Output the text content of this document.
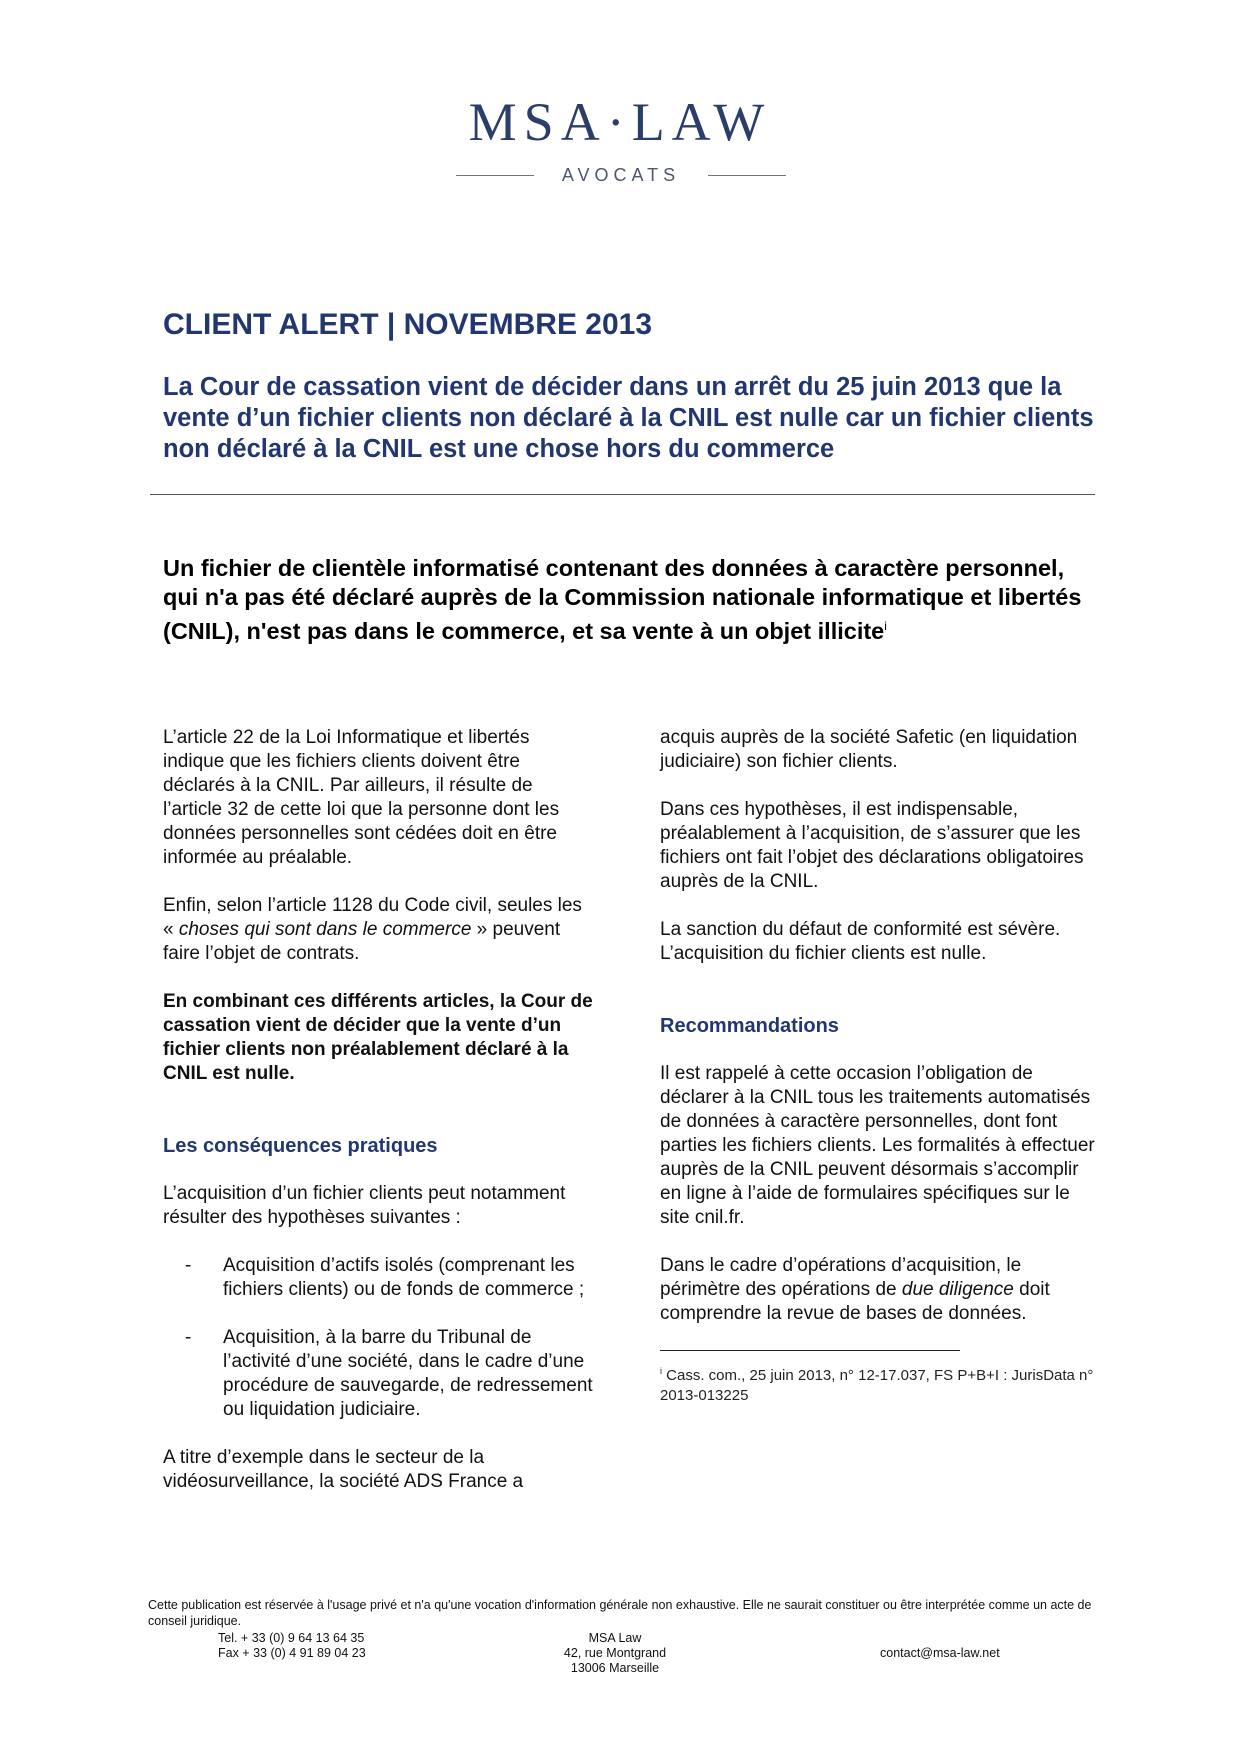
MSA·LAW
AVOCATS
CLIENT ALERT | NOVEMBRE 2013
La Cour de cassation vient de décider dans un arrêt du 25 juin 2013 que la vente d’un fichier clients non déclaré à la CNIL est nulle car un fichier clients non déclaré à la CNIL est une chose hors du commerce

Un fichier de clientèle informatisé contenant des données à caractère personnel, qui n'a pas été déclaré auprès de la Commission nationale informatique et libertés (CNIL), n'est pas dans le commerce, et sa vente à un objet illicite$^i$

L’article 22 de la Loi Informatique et libertés indique que les fichiers clients doivent être déclarés à la CNIL. Par ailleurs, il résulte de l’article 32 de cette loi que la personne dont les données personnelles sont cédées doit en être informée au préalable.

Enfin, selon l’article 1128 du Code civil, seules les « choses qui sont dans le commerce » peuvent faire l’objet de contrats.

En combinant ces différents articles, la Cour de cassation vient de décider que la vente d’un fichier clients non préalablement déclaré à la CNIL est nulle.

Les conséquences pratiques

L’acquisition d’un fichier clients peut notamment résulter des hypothèses suivantes :

- Acquisition d’actifs isolés (comprenant les fichiers clients) ou de fonds de commerce ;
- Acquisition, à la barre du Tribunal de l’activité d’une société, dans le cadre d’une procédure de sauvegarde, de redressement ou liquidation judiciaire.

A titre d’exemple dans le secteur de la vidéosurveillance, la société ADS France a

acquis auprès de la société Safetic (en liquidation judiciaire) son fichier clients.

Dans ces hypothèses, il est indispensable, préalablement à l’acquisition, de s’assurer que les fichiers ont fait l’objet des déclarations obligatoires auprès de la CNIL.

La sanction du défaut de conformité est sévère. L’acquisition du fichier clients est nulle.

Recommandations

Il est rappelé à cette occasion l’obligation de déclarer à la CNIL tous les traitements automatisés de données à caractère personnelles, dont font parties les fichiers clients. Les formalités à effectuer auprès de la CNIL peuvent désormais s’accomplir en ligne à l’aide de formulaires spécifiques sur le site cnil.fr.

Dans le cadre d’opérations d’acquisition, le périmètre des opérations de due diligence doit comprendre la revue de bases de données.

$^i$ Cass. com., 25 juin 2013, n° 12-17.037, FS P+B+I : JurisData n° 2013-013225

Cette publication est réservée à l'usage privé et n'a qu'une vocation d'information générale non exhaustive. Elle ne saurait constituer ou être interprétée comme un acte de conseil juridique.

Tel. + 33 (0) 9 64 13 64 35
Fax + 33 (0) 4 91 89 04 23
MSA Law
42, rue Montgrand
13006 Marseille
contact@msa-law.net
